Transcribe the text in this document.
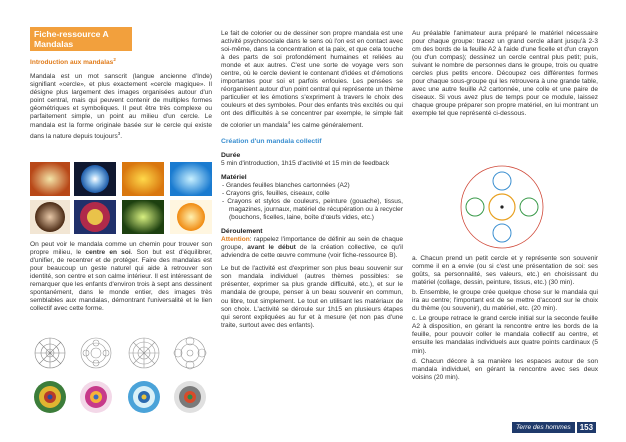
Fiche-ressource A
Mandalas
Introduction aux mandalas$^2$
Mandala est un mot sanscrit (langue ancienne d'Inde) signifiant «cercle», et plus exactement «cercle magique». Il désigne plus largement des images organisées autour d'un point central, mais qui peuvent contenir de multiples formes géométriques et symboliques. Il peut être très complexe ou parfaitement simple, un point au milieu d'un cercle. Le mandala est la forme originale basée sur le cercle qui existe dans la nature depuis toujours$^3$.
On peut voir le mandala comme un chemin pour trouver son propre milieu, le centre en soi. Son but est d'équilibrer, d'unifier, de recentrer et de protéger. Faire des mandalas est pour beaucoup un geste naturel qui aide à retrouver son identité, son centre et son calme intérieur. Il est intéressant de remarquer que les enfants d'environ trois à sept ans dessinent spontanément, dans le monde entier, des images très semblables aux mandalas, démontrant l'universalité et le lien collectif avec cette forme.
Le fait de colorier ou de dessiner son propre mandala est une activité psychosociale dans le sens où l'on est en contact avec soi-même, dans la concentration et la paix, et que cela touche à des parts de soi profondément humaines et reliées au monde et aux autres. C'est une sorte de voyage vers son centre, où le cercle devient le contenant d'idées et d'émotions importantes pour soi et parfois enfouies. Les pensées se réorganisent autour d'un point central qui représente un thème particulier et les émotions s'expriment à travers le choix des couleurs et des symboles. Pour des enfants très excités ou qui ont des difficultés à se concentrer par exemple, le simple fait de colorier un mandala$^4$ les calme généralement.
Création d'un mandala collectif
Durée
5 min d'introduction, 1h15 d'activité et 15 min de feedback
Matériel
- Grandes feuilles blanches cartonnées (A2)
- Crayons gris, feuilles, ciseaux, colle
- Crayons et stylos de couleurs, peinture (gouache), tissus, magazines, journaux, matériel de récupération ou à recycler (bouchons, ficelles, laine, boîte d'œufs vides, etc.)
Déroulement
Attention: rappelez l'importance de définir au sein de chaque groupe, avant le début de la création collective, ce qu'il adviendra de cette œuvre commune (voir fiche-ressource B).
Le but de l'activité est d'exprimer son plus beau souvenir sur son mandala individuel (autres thèmes possibles: se présenter, exprimer sa plus grande difficulté, etc.), et sur le mandala de groupe, penser à un beau souvenir en commun, ou libre, tout simplement. Le tout en utilisant les matériaux de son choix. L'activité se déroule sur 1h15 en plusieurs étapes qui seront expliquées au fur et à mesure (et non pas d'une traite, surtout avec des enfants).
Au préalable l'animateur aura préparé le matériel nécessaire pour chaque groupe: tracez un grand cercle allant jusqu'à 2-3 cm des bords de la feuille A2 à l'aide d'une ficelle et d'un crayon (ou d'un compas); dessinez un cercle central plus petit; puis, suivant le nombre de personnes dans le groupe, trois ou quatre cercles plus petits encore. Découpez ces différentes formes pour chaque sous-groupe qui les retrouvera à une grande table, avec une autre feuille A2 cartonnée, une colle et une paire de ciseaux. Si vous avez plus de temps pour ce module, laissez chaque groupe préparer son propre matériel, en lui montrant un exemple tel que représenté ci-dessous.
a. Chacun prend un petit cercle et y représente son souvenir comme il en a envie (ou si c'est une présentation de soi: ses goûts, sa personnalité, ses valeurs, etc.) en choisissant du matériel (collage, dessin, peinture, tissus, etc.) (30 min).
b. Ensemble, le groupe crée quelque chose sur le mandala qui ira au centre; l'important est de se mettre d'accord sur le choix du thème (ou souvenir), du matériel, etc. (20 min).
c. Le groupe retrace le grand cercle initial sur la seconde feuille A2 à disposition, en gérant la rencontre entre les bords de la feuille, pour pouvoir coller le mandala collectif au centre, et ensuite les mandalas individuels aux quatre points cardinaux (5 min).
d. Chacun décore à sa manière les espaces autour de son mandala individuel, en gérant la rencontre avec ses deux voisins (20 min).
Terre des hommes	153
